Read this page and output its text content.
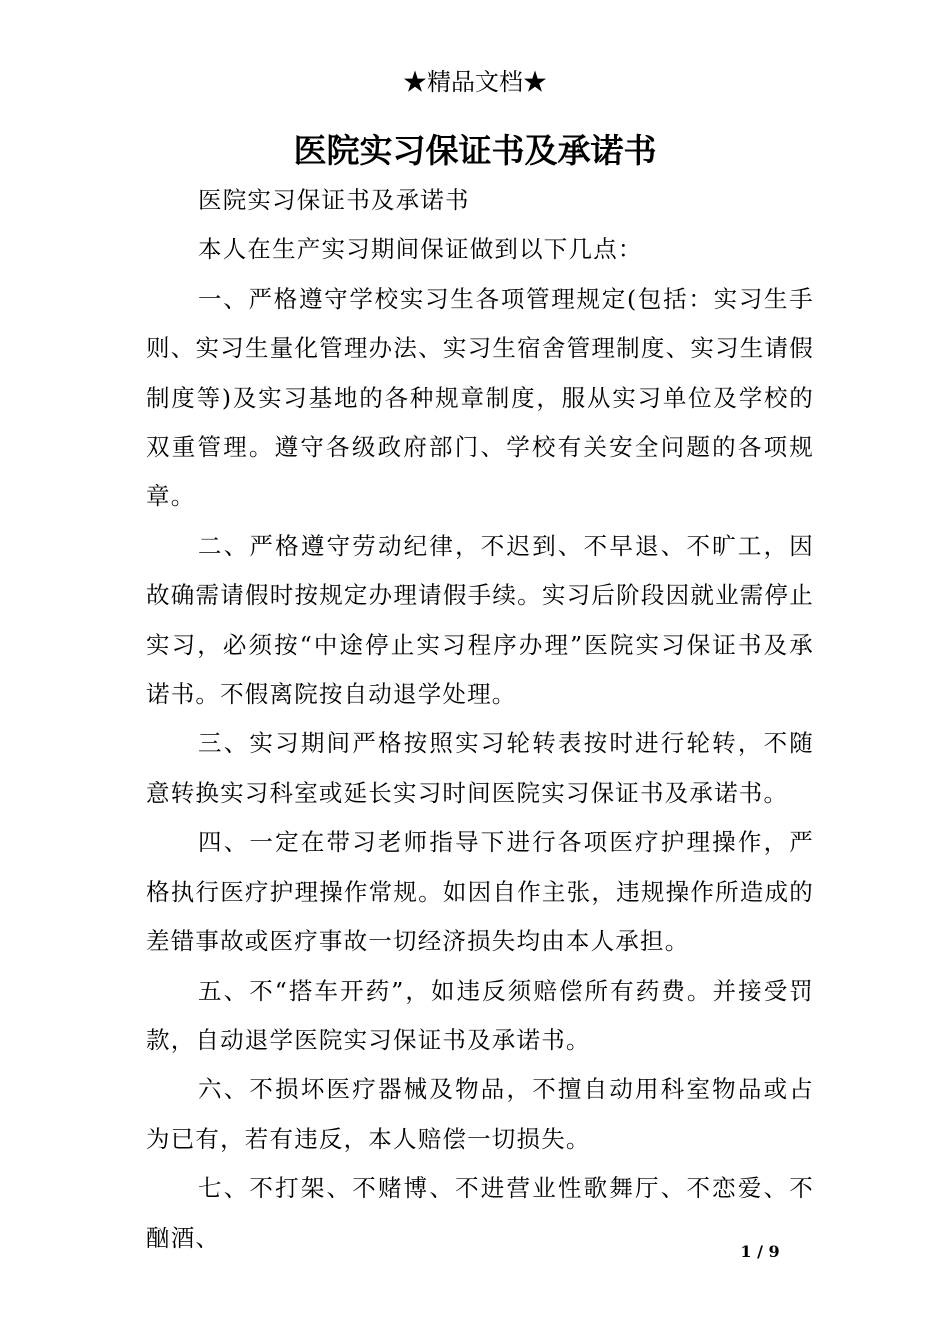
★精品文档★
医院实习保证书及承诺书

医院实习保证书及承诺书

本人在生产实习期间保证做到以下几点：

一、严格遵守学校实习生各项管理规定(包括：实习生手则、实习生量化管理办法、实习生宿舍管理制度、实习生请假制度等)及实习基地的各种规章制度，服从实习单位及学校的双重管理。遵守各级政府部门、学校有关安全问题的各项规章。

二、严格遵守劳动纪律，不迟到、不早退、不旷工，因故确需请假时按规定办理请假手续。实习后阶段因就业需停止实习，必须按“中途停止实习程序办理”医院实习保证书及承诺书。不假离院按自动退学处理。

三、实习期间严格按照实习轮转表按时进行轮转，不随意转换实习科室或延长实习时间医院实习保证书及承诺书。

四、一定在带习老师指导下进行各项医疗护理操作，严格执行医疗护理操作常规。如因自作主张，违规操作所造成的差错事故或医疗事故一切经济损失均由本人承担。

五、不“搭车开药”，如违反须赔偿所有药费。并接受罚款，自动退学医院实习保证书及承诺书。

六、不损坏医疗器械及物品，不擅自动用科室物品或占为已有，若有违反，本人赔偿一切损失。

七、不打架、不赌博、不进营业性歌舞厅、不恋爱、不酗酒、	1 / 9
